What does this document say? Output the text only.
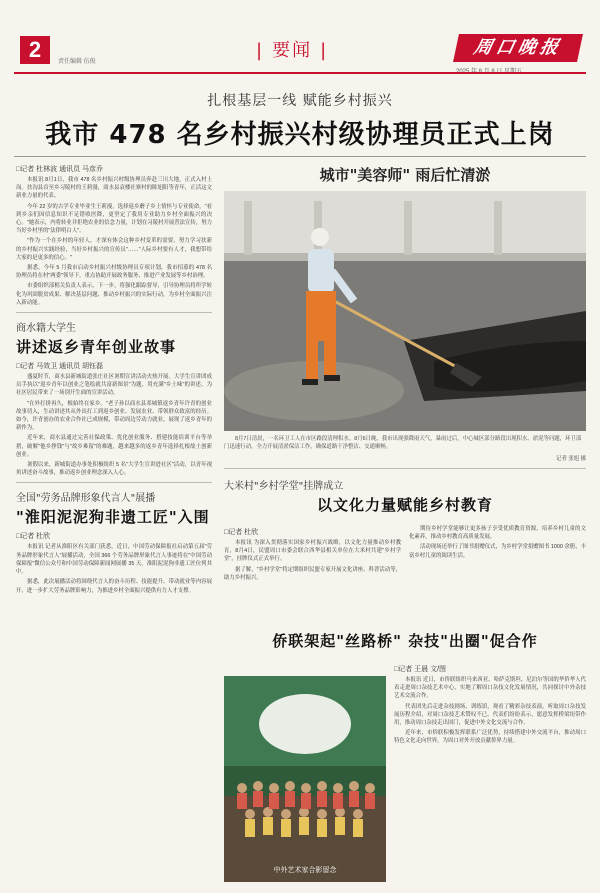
2	责任编辑 伍俊
| 要闻 |	周口晚报
扎根基层一线 赋能乡村振兴
我市 478 名乡村振兴村级协理员正式上岗
□记者 杜林波 通讯员 马彦乔

本报讯 8月1日，我市 478 名乡村振兴村级协理员奔赴三川大地，正式入村上岗。扶沟县首至乡习陵村的王莉漫，商水县袁楼社寨村的陈旭阳等青年，正活这文新业力量的代表。

今年 22 岁的古学专业毕业生王莉漫，选择返乡蘑子乡土情怀与专业使命。"看到乡亲们因信息知识不足错收医降，更坚定了我用专业助力乡村全面振兴的决心。"她表示，内将转业并拒绝农业的信念力量，计划在习陵村开展普法宣传，努力当好乡村里的"法律明白人"。

"作为一个在乡村的年轻人，才深有体会这种乡村变革的需要，努力学习扶新的乡村振兴实践经验，当好乡村振兴的宣传员"……"人际乡村要有人才，我想带给大家的是更多的信心。"

据悉，今年 5 月我市启动乡村振兴村级协理员专项计划，我市招募的 478 名协理员将在村"两委"领导下，重点协助开展政务服务、推进产业发展等乡村治理。

市委组织部相关负责人表示，下一步，将强化跟踪督导，引导协理员将所学转化为巩固脱贫成果、解决基层问题、推动乡村振兴的实际行动，为乡村全面振兴注入新动能。

商水籍大学生
讲述返乡青年创业故事
□记者 马效卫 通讯员 胡钰磊

盛夏时节，商水县新城街道张庄社区暑期宣讲活动火热开展。大学生宣讲团成员手执以"返乡青年以创业之笔绘就共富新图景"为题，用充满"乡土味"的讲述，为社区居民带来了一场别开生面的宣讲活动。

"在外打拼再久，根始终在家乡。"老子孙以商水县邓城镇返乡青年许青的创业故事切入，生动讲述其从外出打工到返乡创业、发展农业、带领群众致富的经历。如今，许青创办的农业合作社已成规模，带动周边劳动力就业，展现了返乡青年的新作为。

近年来，商水县通过完善社保政策、优化创业服务、搭建技能培训平台等举措，破解"他乡挣钱"与"故乡难留"的难题，越来越多的返乡青年选择扎根故土创新创业。

暑假以来，新城街道办事处积极组织 5 名"大学生宣讲进社区"活动，以青年视角讲述奋斗故事，推动返乡创业理念深入人心。

全国"劳务品牌形象代言人"展播
"淮阳泥泥狗非遗工匠"入围
□记者 杜欣

本报讯 记者从淮阳区有关部门获悉，近日，中国劳动保障报社启动第五届"劳务品牌形象代言人"展播活动，全国 366 个劳务品牌形象代言人事迹将在"中国劳动保障报"微信公众号和中国劳动保障新闻网展播 35 天。淮阳泥泥狗非遗工匠位列其中。

据悉，此次展播活动将围绕代言人的奋斗历程、技能提升、带动就业等内容展开，进一步扩大劳务品牌影响力，为推进乡村全面振兴提供有力人才支撑。

城市"美容师" 雨后忙清淤
8月7日清晨，一名环卫工人在市区路段清理积水。8月6日晚，我市出现强降雨天气，暴雨过后，中心城区部分路段出现积水、淤泥等问题，环卫部门迅速行动，全力开展清淤保洁工作，确保道路干净整洁、交通顺畅。
记者 张旭 摄
大米村"乡村学堂"挂牌成立
以文化力量赋能乡村教育
□记者 杜欣

本报讯 为深入贯彻落实国家乡村振兴战略，以文化力量推动乡村教育，8月4日，民盟周口市委会联合西华县相关单位在大米村共建"乡村学堂"，挂牌仪式正式举行。

据了解，"乡村学堂"将定期组织民盟专家开展文化讲座、科普活动等，助力乡村振兴。

期待乡村学堂能够让更多孩子享受优质教育资源，培养乡村儿童的文化素养，推动乡村教育高质量发展。

活动现场还举行了图书捐赠仪式，为乡村学堂捐赠图书 1000 余册，丰富乡村儿童的阅读生活。

侨联架起"丝路桥" 杂技"出圈"促合作
中外艺术家合影留念
□记者 王晨 文/图

本报讯 近日，市侨联组织马来西亚、哈萨克斯坦、尼泊尔等国的华侨华人代表走进周口杂技艺术中心，实地了解周口杂技文化发展情况，共同探讨中外杂技艺术交流合作。

代表团先后走进杂技剧场、训练馆，观看了精彩杂技表演，听取周口杂技发展历程介绍，对周口杂技艺术赞叹不已。代表们纷纷表示，愿意发挥桥梁纽带作用，推动周口杂技走出国门，促进中外文化交流与合作。

近年来，市侨联积极发挥联系广泛优势，持续搭建中外交流平台，推动周口特色文化走向世界，为周口对外开放贡献侨界力量。
